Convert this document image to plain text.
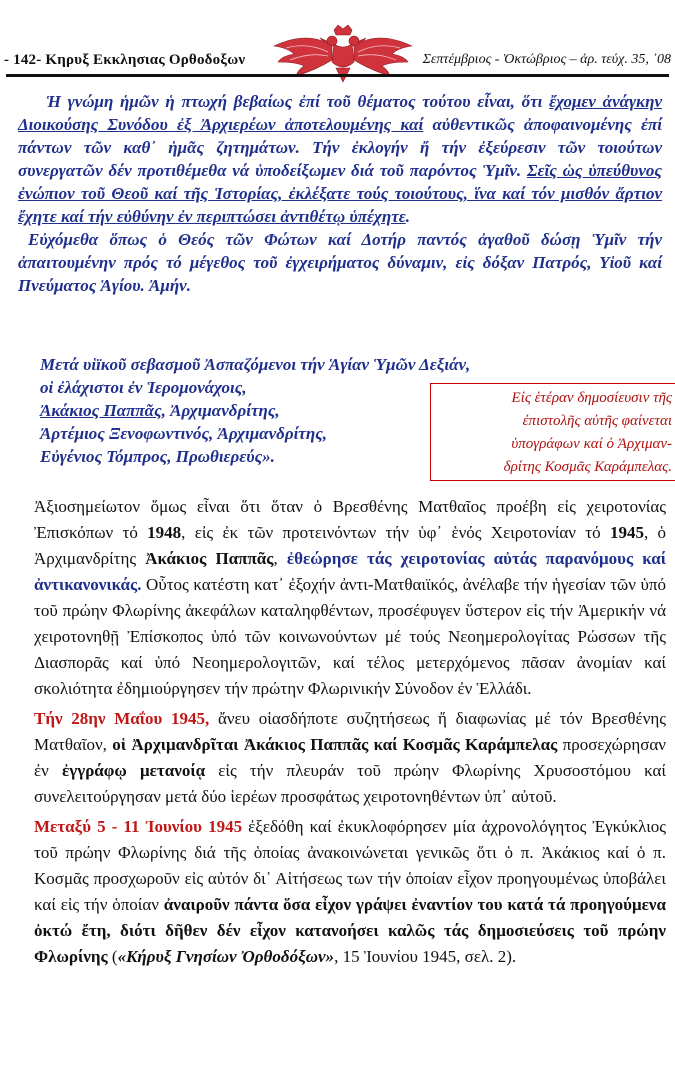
- 142- Κηρυξ Εκκλησιας Ορθοδοξων	Σεπτέμβριος - Ὀκτώβριος – ἀρ. τεύχ. 35, ᾿08

Ἡ γνώμη ἡμῶν ἡ πτωχή βεβαίως ἐπί τοῦ θέματος τούτου εἶναι, ὅτι ἔχομεν ἀνάγκην Διοικούσης Συνόδου ἐξ Ἀρχιερέων ἀποτελουμένης καί αὐθεντικῶς ἀποφαινομένης ἐπί πάντων τῶν καθ᾿ ἡμᾶς ζητημάτων. Τήν ἐκλογήν ἤ τήν ἐξεύρεσιν τῶν τοιούτων συνεργατῶν δέν προτιθέμεθα νά ὑποδείξωμεν διά τοῦ παρόντος Ὑμῖν. Σεῖς ὡς ὑπεύθυνος ἐνώπιον τοῦ Θεοῦ καί τῆς Ἱστορίας, ἐκλέξατε τούς τοιούτους, ἵνα καί τόν μισθόν ἄρτιον ἔχητε καί τήν εὐθύνην ἐν περιπτώσει ἀντιθέτῳ ὑπέχητε.

Εὐχόμεθα ὅπως ὁ Θεός τῶν Φώτων καί Δοτήρ παντός ἀγαθοῦ δώσῃ Ὑμῖν τήν ἀπαιτουμένην πρός τό μέγεθος τοῦ ἐγχειρήματος δύναμιν, εἰς δόξαν Πατρός, Υἱοῦ καί Πνεύματος Ἁγίου. Ἀμήν.

Μετά υἱϊκοῦ σεβασμοῦ Ἀσπαζόμενοι τήν Ἁγίαν Ὑμῶν Δεξιάν,
οἱ ἐλάχιστοι ἐν Ἱερομονάχοις,
Ἀκάκιος Παππᾶς, Ἀρχιμανδρίτης,
Ἀρτέμιος Ξενοφωντινός, Ἀρχιμανδρίτης,
Εὐγένιος Τόμπρος, Πρωθιερεύς».
Εἰς ἑτέραν δημοσίευσιν τῆς
ἐπιστολῆς αὐτῆς φαίνεται
ὑπογράφων καί ὁ Ἀρχιμαν-
δρίτης Κοσμᾶς Καράμπελας.

Ἀξιοσημείωτον ὅμως εἶναι ὅτι ὅταν ὁ Βρεσθένης Ματθαῖος προέβη εἰς χειροτονίας Ἐπισκόπων τό 1948, εἰς ἐκ τῶν προτεινόντων τήν ὑφ᾿ ἑνός Χειροτονίαν τό 1945, ὁ Ἀρχιμανδρίτης Ἀκάκιος Παππᾶς, ἐθεώρησε τάς χειροτονίας αὐτάς παρανόμους καί ἀντικανονικάς. Οὗτος κατέστη κατ᾿ ἐξοχήν ἀντι-Ματθαιϊκός, ἀνέλαβε τήν ἡγεσίαν τῶν ὑπό τοῦ πρώην Φλωρίνης ἀκεφάλων καταληφθέντων, προσέφυγεν ὕστερον εἰς τήν Ἀμερικήν νά χειροτονηθῇ Ἐπίσκοπος ὑπό τῶν κοινωνούντων μέ τούς Νεοημερολογίτας Ρώσσων τῆς Διασπορᾶς καί ὑπό Νεοημερολογιτῶν, καί τέλος μετερχόμενος πᾶσαν ἀνομίαν καί σκολιότητα ἐδημιούργησεν τήν πρώτην Φλωρινικήν Σύνοδον ἐν Ἑλλάδι.

Τήν 28ην Μαΐου 1945, ἄνευ οἱασδήποτε συζητήσεως ἤ διαφωνίας μέ τόν Βρεσθένης Ματθαῖον, οἱ Ἀρχιμανδρῖται Ἀκάκιος Παππᾶς καί Κοσμᾶς Καράμπελας προσεχώρησαν ἐν ἐγγράφῳ μετανοίᾳ εἰς τήν πλευράν τοῦ πρώην Φλωρίνης Χρυσοστόμου καί συνελειτούργησαν μετά δύο ἱερέων προσφάτως χειροτονηθέντων ὑπ᾿ αὐτοῦ.

Μεταξύ 5 - 11 Ἰουνίου 1945 ἐξεδόθη καί ἐκυκλοφόρησεν μία ἀχρονολόγητος Ἐγκύκλιος τοῦ πρώην Φλωρίνης διά τῆς ὁποίας ἀνακοινώνεται γενικῶς ὅτι ὁ π. Ἀκάκιος καί ὁ π. Κοσμᾶς προσχωροῦν εἰς αὐτόν δι᾿ Αἰτήσεως των τήν ὁποίαν εἶχον προηγουμένως ὑποβάλει καί εἰς τήν ὁποίαν ἀναιροῦν πάντα ὅσα εἶχον γράψει ἐναντίον του κατά τά προηγούμενα ὀκτώ ἔτη, διότι δῆθεν δέν εἶχον κατανοήσει καλῶς τάς δημοσιεύσεις τοῦ πρώην Φλωρίνης («Κήρυξ Γνησίων Ὀρθοδόξων», 15 Ἰουνίου 1945, σελ. 2).
